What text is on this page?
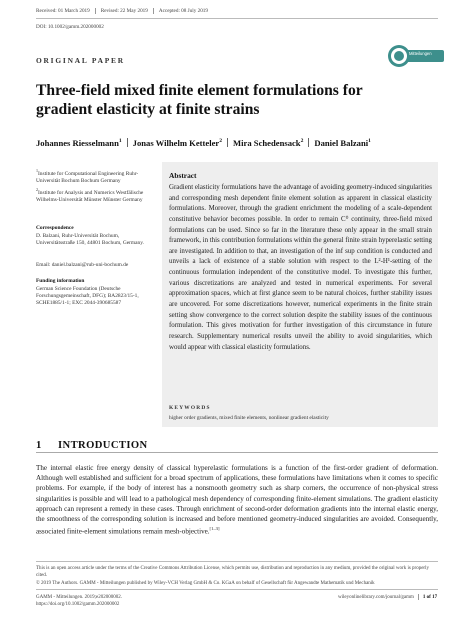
Received: 01 March 2019 Revised: 22 May 2019 Accepted: 08 July 2019
DOI: 10.1002/gamm.202000002
ORIGINAL PAPER
Mitteilungen
Three-field mixed finite element formulations for gradient elasticity at finite strains
Johannes Riesselmann$^1$ Jonas Wilhelm Ketteler$^2$ Mira Schedensack$^2$ Daniel Balzani$^1$
$^1$Institute for Computational Engineering Ruhr-Universität Bochum Bochum Germany
$^2$Institute for Analysis and Numerics Westfälische Wilhelms-Universität Münster Münster Germany
Correspondence
D. Balzani, Ruhr-Universität Bochum, Universitätsstraße 150, 44801 Bochum, Germany.
Email: daniel.balzani@rub-uni-bochum.de
Funding information
German Science Foundation (Deutsche Forschungsgemeinschaft, DFG); BA2823/15-1, SCHE1885/1-1; EXC 2044-390685587
Abstract
Gradient elasticity formulations have the advantage of avoiding geometry-induced singularities and corresponding mesh dependent finite element solution as apparent in classical elasticity formulations. Moreover, through the gradient enrichment the modeling of a scale-dependent constitutive behavior becomes possible. In order to remain C⁰ continuity, three-field mixed formulations can be used. Since so far in the literature these only appear in the small strain framework, in this contribution formulations within the general finite strain hyperelastic setting are investigated. In addition to that, an investigation of the inf sup condition is conducted and unveils a lack of existence of a stable solution with respect to the L²-H¹-setting of the continuous formulation independent of the constitutive model. To investigate this further, various discretizations are analyzed and tested in numerical experiments. For several approximation spaces, which at first glance seem to be natural choices, further stability issues are uncovered. For some discretizations however, numerical experiments in the finite strain setting show convergence to the correct solution despite the stability issues of the continuous formulation. This gives motivation for further investigation of this circumstance in future research. Supplementary numerical results unveil the ability to avoid singularities, which would appear with classical elasticity formulations.
KEYWORDS
higher order gradients, mixed finite elements, nonlinear gradient elasticity
1 INTRODUCTION
The internal elastic free energy density of classical hyperelastic formulations is a function of the first-order gradient of deformation. Although well established and sufficient for a broad spectrum of applications, these formulations have limitations when it comes to specific problems. For example, if the body of interest has a nonsmooth geometry such as sharp corners, the occurrence of non-physical stress singularities is possible and will lead to a pathological mesh dependency of corresponding finite-element simulations. The gradient elasticity approach can represent a remedy in these cases. Through enrichment of second-order deformation gradients into the internal elastic energy, the smoothness of the corresponding solution is increased and before mentioned geometry-induced singularities are avoided. Consequently, associated finite-element simulations remain mesh-objective.[1–3]
This is an open access article under the terms of the Creative Commons Attribution License, which permits use, distribution and reproduction in any medium, provided the original work is properly cited.
© 2019 The Authors. GAMM - Mitteilungen published by Wiley-VCH Verlag GmbH & Co. KGaA on behalf of Gesellschaft für Angewandte Mathematik und Mechanik
GAMM - Mitteilungen. 2019;e202000002.
https://doi.org/10.1002/gamm.202000002
wileyonlinelibrary.com/journal/gamm 1 of 17
